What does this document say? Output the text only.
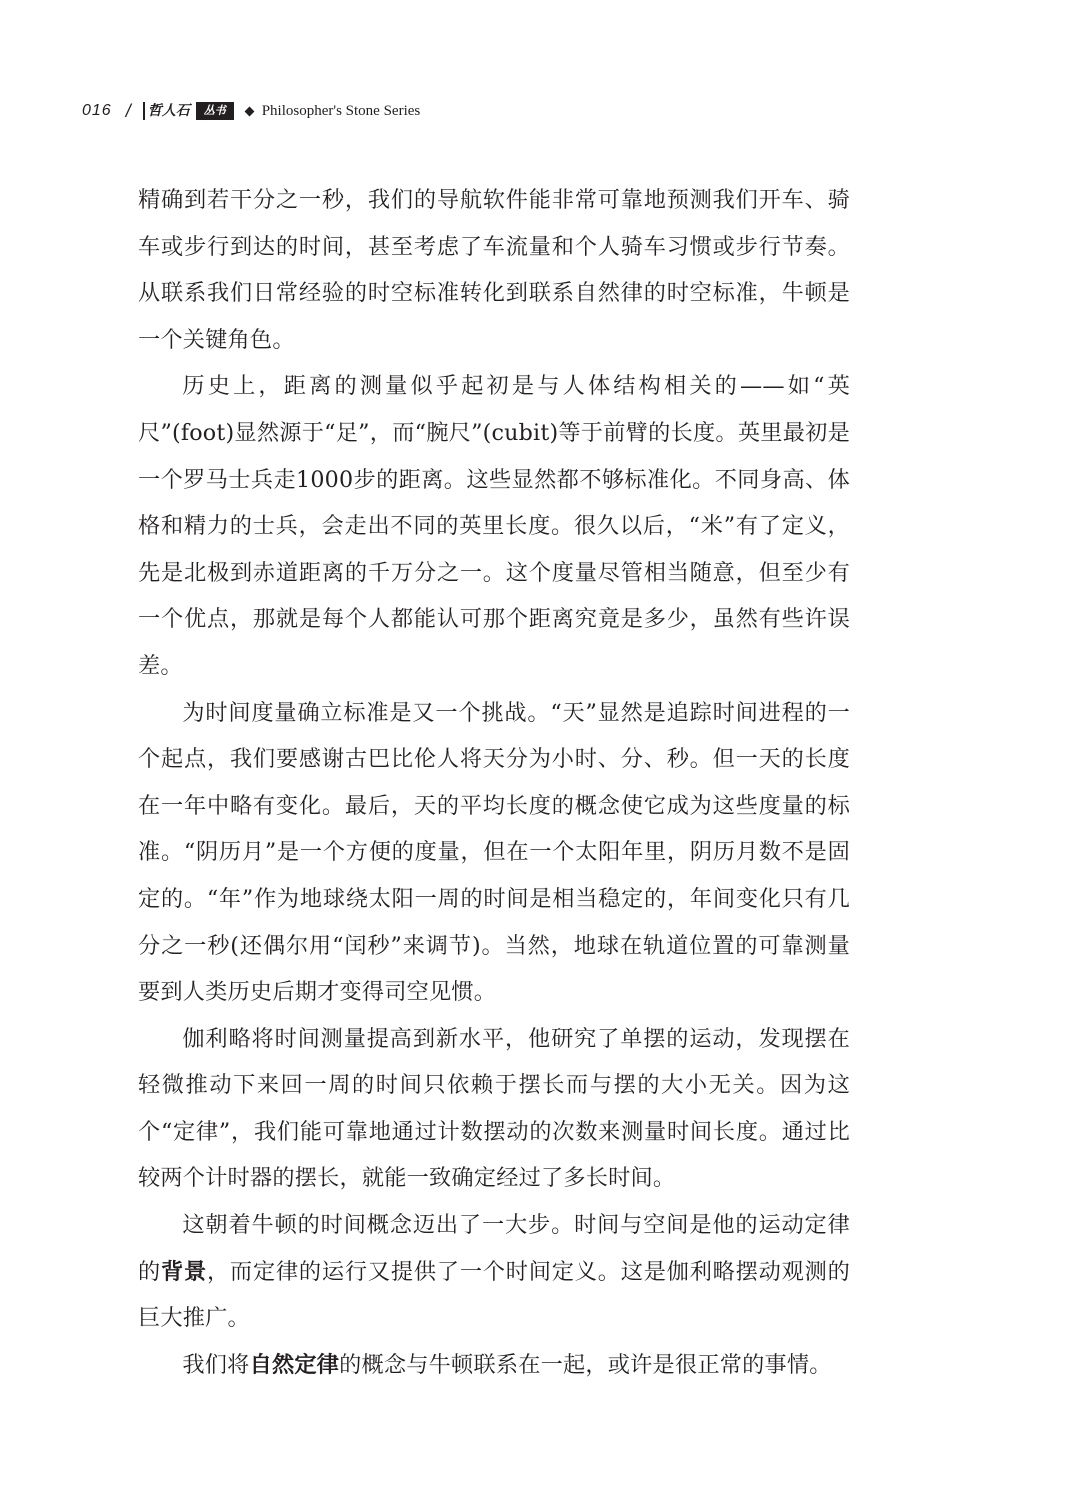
016 /	哲人石	丛书	Philosopher's Stone Series

精确到若干分之一秒，我们的导航软件能非常可靠地预测我们开车、骑车或步行到达的时间，甚至考虑了车流量和个人骑车习惯或步行节奏。从联系我们日常经验的时空标准转化到联系自然律的时空标准，牛顿是一个关键角色。

历史上，距离的测量似乎起初是与人体结构相关的——如“英尺”(foot)显然源于“足”，而“腕尺”(cubit)等于前臂的长度。英里最初是一个罗马士兵走1000步的距离。这些显然都不够标准化。不同身高、体格和精力的士兵，会走出不同的英里长度。很久以后，“米”有了定义，先是北极到赤道距离的千万分之一。这个度量尽管相当随意，但至少有一个优点，那就是每个人都能认可那个距离究竟是多少，虽然有些许误差。

为时间度量确立标准是又一个挑战。“天”显然是追踪时间进程的一个起点，我们要感谢古巴比伦人将天分为小时、分、秒。但一天的长度在一年中略有变化。最后，天的平均长度的概念使它成为这些度量的标准。“阴历月”是一个方便的度量，但在一个太阳年里，阴历月数不是固定的。“年”作为地球绕太阳一周的时间是相当稳定的，年间变化只有几分之一秒(还偶尔用“闰秒”来调节)。当然，地球在轨道位置的可靠测量要到人类历史后期才变得司空见惯。

伽利略将时间测量提高到新水平，他研究了单摆的运动，发现摆在轻微推动下来回一周的时间只依赖于摆长而与摆的大小无关。因为这个“定律”，我们能可靠地通过计数摆动的次数来测量时间长度。通过比较两个计时器的摆长，就能一致确定经过了多长时间。

这朝着牛顿的时间概念迈出了一大步。时间与空间是他的运动定律的背景，而定律的运行又提供了一个时间定义。这是伽利略摆动观测的巨大推广。

我们将自然定律的概念与牛顿联系在一起，或许是很正常的事情。
